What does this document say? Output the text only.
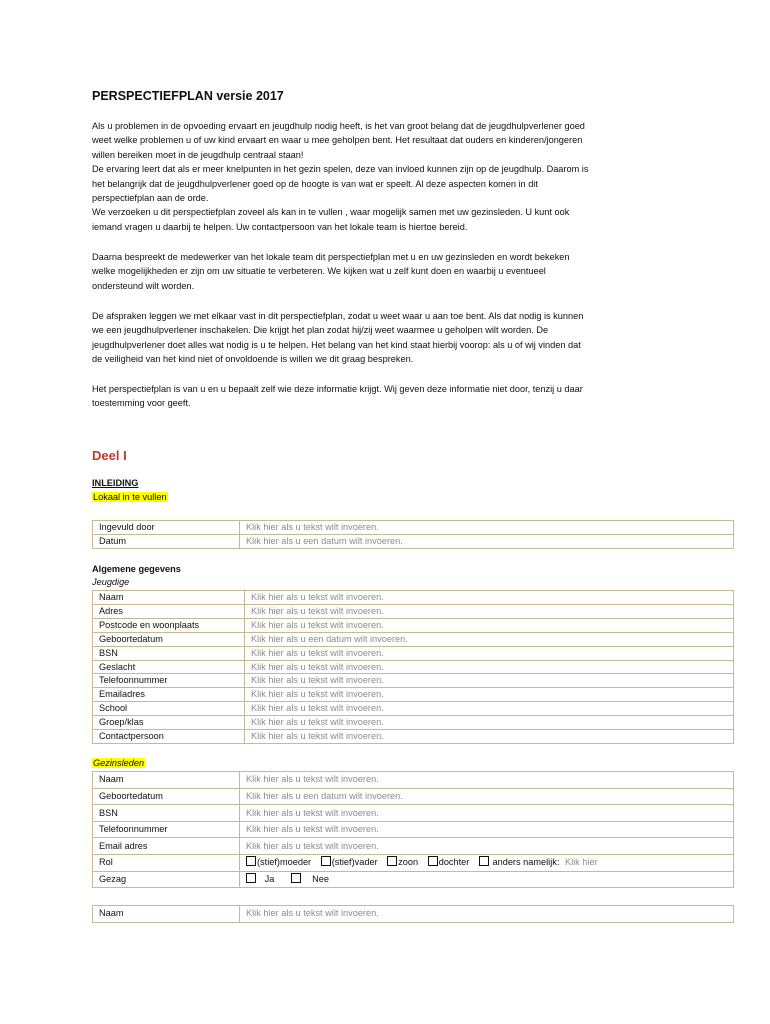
PERSPECTIEFPLAN versie 2017

Als u problemen in de opvoeding ervaart en jeugdhulp nodig heeft, is het van groot belang dat de jeugdhulpverlener goed
weet welke problemen u of uw kind ervaart en waar u mee geholpen bent. Het resultaat dat ouders en kinderen/jongeren
willen bereiken moet in de jeugdhulp centraal staan!
De ervaring leert dat als er meer knelpunten in het gezin spelen, deze van invloed kunnen zijn op de jeugdhulp. Daarom is
het belangrijk dat de jeugdhulpverlener goed op de hoogte is van wat er speelt. Al deze aspecten komen in dit
perspectiefplan aan de orde.
We verzoeken u dit perspectiefplan zoveel als kan in te vullen , waar mogelijk samen met uw gezinsleden. U kunt ook
iemand vragen u daarbij te helpen. Uw contactpersoon van het lokale team is hiertoe bereid.

Daarna bespreekt de medewerker van het lokale team dit perspectiefplan met u en uw gezinsleden en wordt bekeken
welke mogelijkheden er zijn om uw situatie te verbeteren. We kijken wat u zelf kunt doen en waarbij u eventueel
ondersteund wilt worden.

De afspraken leggen we met elkaar vast in dit perspectiefplan, zodat u weet waar u aan toe bent. Als dat nodig is kunnen
we een jeugdhulpverlener inschakelen. Die krijgt het plan zodat hij/zij weet waarmee u geholpen wilt worden. De
jeugdhulpverlener doet alles wat nodig is u te helpen. Het belang van het kind staat hierbij voorop: als u of wij vinden dat
de veiligheid van het kind niet of onvoldoende is willen we dit graag bespreken.

Het perspectiefplan is van u en u bepaalt zelf wie deze informatie krijgt. Wij geven deze informatie niet door, tenzij u daar
toestemming voor geeft.

Deel I
INLEIDING
Lokaal in te vullen
Ingevuld door	Klik hier als u tekst wilt invoeren.
Datum	Klik hier als u een datum wilt invoeren.
Algemene gegevens
Jeugdige
Naam	Klik hier als u tekst wilt invoeren.
Adres	Klik hier als u tekst wilt invoeren.
Postcode en woonplaats	Klik hier als u tekst wilt invoeren.
Geboortedatum	Klik hier als u een datum wilt invoeren.
BSN	Klik hier als u tekst wilt invoeren.
Geslacht	Klik hier als u tekst wilt invoeren.
Telefoonnummer	Klik hier als u tekst wilt invoeren.
Emailadres	Klik hier als u tekst wilt invoeren.
School	Klik hier als u tekst wilt invoeren.
Groep/klas	Klik hier als u tekst wilt invoeren.
Contactpersoon	Klik hier als u tekst wilt invoeren.
Gezinsleden
Naam	Klik hier als u tekst wilt invoeren.
Geboortedatum	Klik hier als u een datum wilt invoeren.
BSN	Klik hier als u tekst wilt invoeren.
Telefoonnummer	Klik hier als u tekst wilt invoeren.
Email adres	Klik hier als u tekst wilt invoeren.
Rol	(stief)moeder (stief)vader zoon dochter anders namelijk: Klik hier
Gezag	Ja Nee
Naam	Klik hier als u tekst wilt invoeren.
